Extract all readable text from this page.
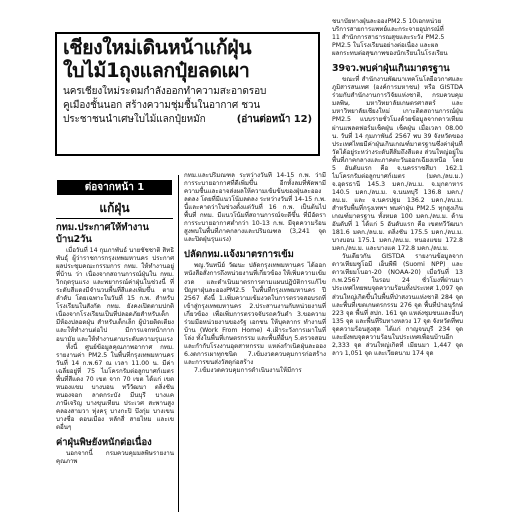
เชียงใหม่เดินหน้าแก้ฝุ่น
ใบไม้1ถุงแลกปุ๋ยลดเผา
นครเชียงใหม่ระดมกำลังออกทำความสะอาดรอบ
คูเมืองชั้นนอก สร้างความชุ่มชื้นในอากาศ ชวน
ประชาชนนำเศษใบไม้แลกปุ๋ยหมัก	(อ่านต่อหน้า 12)

ชนาบัยทางฝุ่นละอองPM2.5 10เอกหน่วย

บริการสายการแพทย์และกระจายอุปกรณ์ที่

11 สำนักการสาธารณสุขและระวัง PM2.5

PM2.5 ในโรงเรียนอย่างต่อเนื่อง และผล

ผลกระทบต่อสุขภาพของนักเรียนในโรงเรียน

39จว.พบค่าฝุ่นเกินมาตรฐาน

ขณะที่ สำนักงานพัฒนาเทคโนโลยีอวกาศและภูมิสารสนเทศ (องค์การมหาชน) หรือ GISTDA ร่วมกับสำนักงานการวิจัยแห่งชาติ, กรมควบคุมมลพิษ, มหาวิทยาลัยเกษตรศาสตร์ และมหาวิทยาลัยเชียงใหม่ เกาะติดสถานการณ์ฝุ่น PM2.5 แบบรายชั่วโมงด้วยข้อมูลจากดาวเทียมผ่านแพลตฟอร์มเช็คฝุ่น เช็คฝุ่น เมื่อเวลา 08.00 น. วันที่ 14 กุมภาพันธ์ 2567 พบ 39 จังหวัดของประเทศไทยมีค่าฝุ่นเกินเกณฑ์มาตรฐานซึ่งค่าฝุ่นที่วัดได้อยู่ระหว่างระดับสีส้มถึงสีแดง ส่วนใหญ่อยู่ในพื้นที่ภาคกลางและภาคตะวันออกเฉียงเหนือ โดย 5 อันดับแรก คือ จ.นครราชสีมา 162.1 ไมโครกรัมต่อลูกบาศก์เมตร (มคก./ลบ.ม.) จ.อุดรธานี 145.3 มคก./ลบ.ม. จ.มุกดาหาร 140.5 มคก./ลบ.ม. จ.นนทบุรี 136.8 มคก./ลบ.ม. และ จ.นครปฐม 136.2 มคก./ลบ.ม. สำหรับพื้นที่กรุงเทพฯ พบค่าฝุ่น PM2.5 ทุกสูงเกินเกณฑ์มาตรฐาน ทั้งหมด 100 มคก./ลบ.ม. ด้านอันดับที่ 1 ได้แก่ 5 อันดับแรก คือ เขตทวีวัฒนา 181.6 มคก./ลบ.ม. ตลิ่งชัน 175.5 มคก./ลบ.ม. บางบอน 175.1 มคก./ลบ.ม. หนองแขม 172.8 มคก./ลบ.ม. และบางแค 172.8 มคก./ลบ.ม.

วันเดียวกัน GISTDA รายงานข้อมูลจากดาวเทียมซูโอมี เอ็นพีพี (Suomi NPP) และดาวเทียมโนอา-20 (NOAA-20) เมื่อวันที่ 13 ก.พ.2567 ในรอบ 24 ชั่วโมงที่ผ่านมา ประเทศไทยพบจุดความร้อนทั้งประเทศ 1,097 จุด ส่วนใหญ่เกิดขึ้นในพื้นที่ป่าสงวนแห่งชาติ 284 จุด และพื้นที่เขตเกษตรกรรม 276 จุด พื้นที่ป่าอนุรักษ์ 223 จุด พื้นที่ สปก. 161 จุด แหล่งชุมชนและอื่นๆ 135 จุด และพื้นที่ริมทางหลวง 17 จุด จังหวัดที่พบจุดความร้อนสูงสุด ได้แก่ กาญจนบุรี 234 จุด และยังพบจุดความร้อนในประเทศเพื่อนบ้านอีก 2,333 จุด ส่วนใหญ่เกิดที่ เมียนมา 1,447 จุด ลาว 1,051 จุด และเวียดนาม 174 จุด

ต่อจากหน้า 1
แก้ฝุ่น
กทม.ประกาศให้ทำงานบ้าน2วัน

เมื่อวันที่ 14 กุมภาพันธ์ นายชัชชาติ สิทธิพันธุ์ ผู้ว่าราชการกรุงเทพมหานคร ประกาศผลประชุมคณะกรรมการ กทม. ให้ทำงานอยู่ที่บ้าน ว่า เนื่องจากสถานการณ์ฝุ่นใน กทม. วิกฤตรุนแรง และพยากรณ์ค่าฝุ่นในช่วงนี้ ที่ระดับสีแดงมีจำนวนพื้นที่สีแดงเพิ่มขึ้น ตามลำดับ โดยเฉพาะในวันที่ 15 ก.พ. สำหรับโรงเรียนในสังกัด กทม. ยังคงเปิดตามปกติ เนื่องจากโรงเรียนเป็นที่ปลอดภัยสำหรับเด็ก มีห้องปลอดฝุ่น สำหรับเด็กเล็ก ผู้ป่วยติดเตียง และให้ทำงานต่อไป มีการแจกหน้ากากอนามัย และให้ทำงานตามระดับความรุนแรง

ทั้งนี้ ศูนย์ข้อมูลคุณภาพอากาศ กทม. รายงานค่า PM2.5 ในพื้นที่กรุงเทพมหานคร วันที่ 14 ก.พ.67 ณ เวลา 11.00 น. มีค่าเฉลี่ยอยู่ที่ 75 ไมโครกรัมต่อลูกบาศก์เมตร พื้นที่สีแดง 70 เขต จาก 70 เขต ได้แก่ เขตหนองแขม บางบอน ทวีวัฒนา ตลิ่งชัน หนองจอก ลาดกระบัง มีนบุรี บางแค ภาษีเจริญ บางขุนเทียน ประเวศ สะพานสูง คลองสามวา ทุ่งครุ บางกะปิ บึงกุ่ม บางเขน บางซื่อ ดอนเมือง หลักสี่ สายไหม และเขตอื่นๆ

ค่าฝุ่นพิษยังหนักต่อเนื่อง

นอกจากนี้ กรมควบคุมมลพิษรายงานคุณภาพ

กทม.และปริมณฑล ระหว่างวันที่ 14-15 ก.พ. ว่ามีการระบายอากาศที่ดีเพิ่มขึ้น อีกทั้งลมที่พัดพามีความชื้นและอาจส่งผลให้ความเข้มข้นของฝุ่นละอองลดลง โดยที่มีแนวโน้มลดลง ระหว่างวันที่ 14-15 ก.พ. นี้และคาดว่าในช่วงตั้งแต่วันที่ 16 ก.พ. เป็นต้นไป พื้นที่ กทม. มีแนวโน้มที่สถานการณ์จะดีขึ้น ที่มีอัตราการระบายอากาศต่ำกว่า 10-13 ก.พ. มีจุดความร้อนสูงพบในพื้นที่ภาคกลางและปริมณฑล (3,241 จุด และปิดฝุ่นรุนแรง)

ปลัดกทม.แจ้งมาตรการเข้ม

พญ.วันทนีย์ วัฒนะ ปลัดกรุงเทพมหานคร ได้ออกหนังสือสั่งการถึงหน่วยงานที่เกี่ยวข้อง ให้เพิ่มความเข้มงวด และดำเนินมาตรการตามแผนปฏิบัติการแก้ไขปัญหาฝุ่นละอองPM2.5 ในพื้นที่กรุงเทพมหานคร ปี 2567 ดังนี้ 1.เพิ่มความเข้มงวดในการตรวจสอบรถที่เข้าสู่กรุงเทพมหานคร 2.ประสานงานกับหน่วยงานที่เกี่ยวข้อง เพื่อเพิ่มการตรวจจับรถควันดำ 3.ขอความร่วมมือหน่วยงานของรัฐ เอกชน ให้บุคลากร ทำงานที่บ้าน (Work From Home) 4.เฝ้าระวังการเผาในที่โล่ง ทั้งในพื้นที่เกษตรกรรม และพื้นที่อื่นๆ 5.ตรวจสอบและกำกับโรงงานอุตสาหกรรม แหล่งกำเนิดฝุ่นละออง 6.งดการเผาทุกชนิด 7.เข้มงวดควบคุมการก่อสร้าง และการขนส่งวัสดุก่อสร้าง

7.เข้มงวดควบคุมการดำเนินงานให้มีการ
